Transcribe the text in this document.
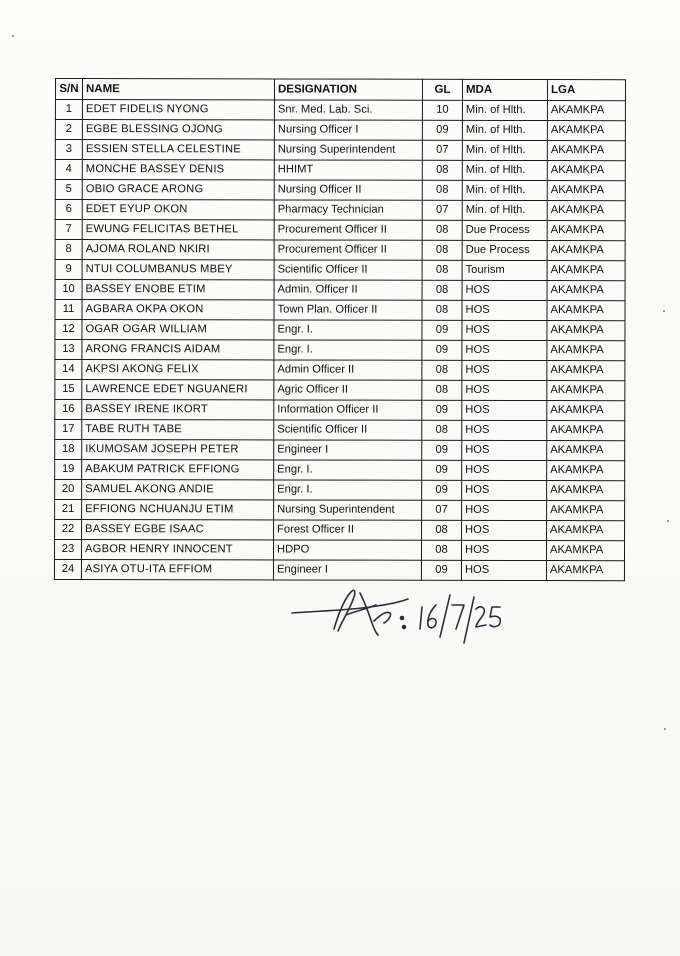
S/N	NAME	DESIGNATION	GL	MDA	LGA
1	EDET FIDELIS NYONG	Snr. Med. Lab. Sci.	10	Min. of Hlth.	AKAMKPA
2	EGBE BLESSING OJONG	Nursing Officer I	09	Min. of Hlth.	AKAMKPA
3	ESSIEN STELLA CELESTINE	Nursing Superintendent	07	Min. of Hlth.	AKAMKPA
4	MONCHE BASSEY DENIS	HHIMT	08	Min. of Hlth.	AKAMKPA
5	OBIO GRACE ARONG	Nursing Officer II	08	Min. of Hlth.	AKAMKPA
6	EDET EYUP OKON	Pharmacy Technician	07	Min. of Hlth.	AKAMKPA
7	EWUNG FELICITAS BETHEL	Procurement Officer II	08	Due Process	AKAMKPA
8	AJOMA ROLAND NKIRI	Procurement Officer II	08	Due Process	AKAMKPA
9	NTUI COLUMBANUS MBEY	Scientific Officer II	08	Tourism	AKAMKPA
10	BASSEY ENOBE ETIM	Admin. Officer II	08	HOS	AKAMKPA
11	AGBARA OKPA OKON	Town Plan. Officer II	08	HOS	AKAMKPA
12	OGAR OGAR WILLIAM	Engr. I.	09	HOS	AKAMKPA
13	ARONG FRANCIS AIDAM	Engr. I.	09	HOS	AKAMKPA
14	AKPSI AKONG FELIX	Admin Officer II	08	HOS	AKAMKPA
15	LAWRENCE EDET NGUANERI	Agric Officer II	08	HOS	AKAMKPA
16	BASSEY IRENE IKORT	Information Officer II	09	HOS	AKAMKPA
17	TABE RUTH TABE	Scientific Officer II	08	HOS	AKAMKPA
18	IKUMOSAM JOSEPH PETER	Engineer I	09	HOS	AKAMKPA
19	ABAKUM PATRICK EFFIONG	Engr. I.	09	HOS	AKAMKPA
20	SAMUEL AKONG ANDIE	Engr. I.	09	HOS	AKAMKPA
21	EFFIONG NCHUANJU ETIM	Nursing Superintendent	07	HOS	AKAMKPA
22	BASSEY EGBE ISAAC	Forest Officer II	08	HOS	AKAMKPA
23	AGBOR HENRY INNOCENT	HDPO	08	HOS	AKAMKPA
24	ASIYA OTU-ITA EFFIOM	Engineer I	09	HOS	AKAMKPA
